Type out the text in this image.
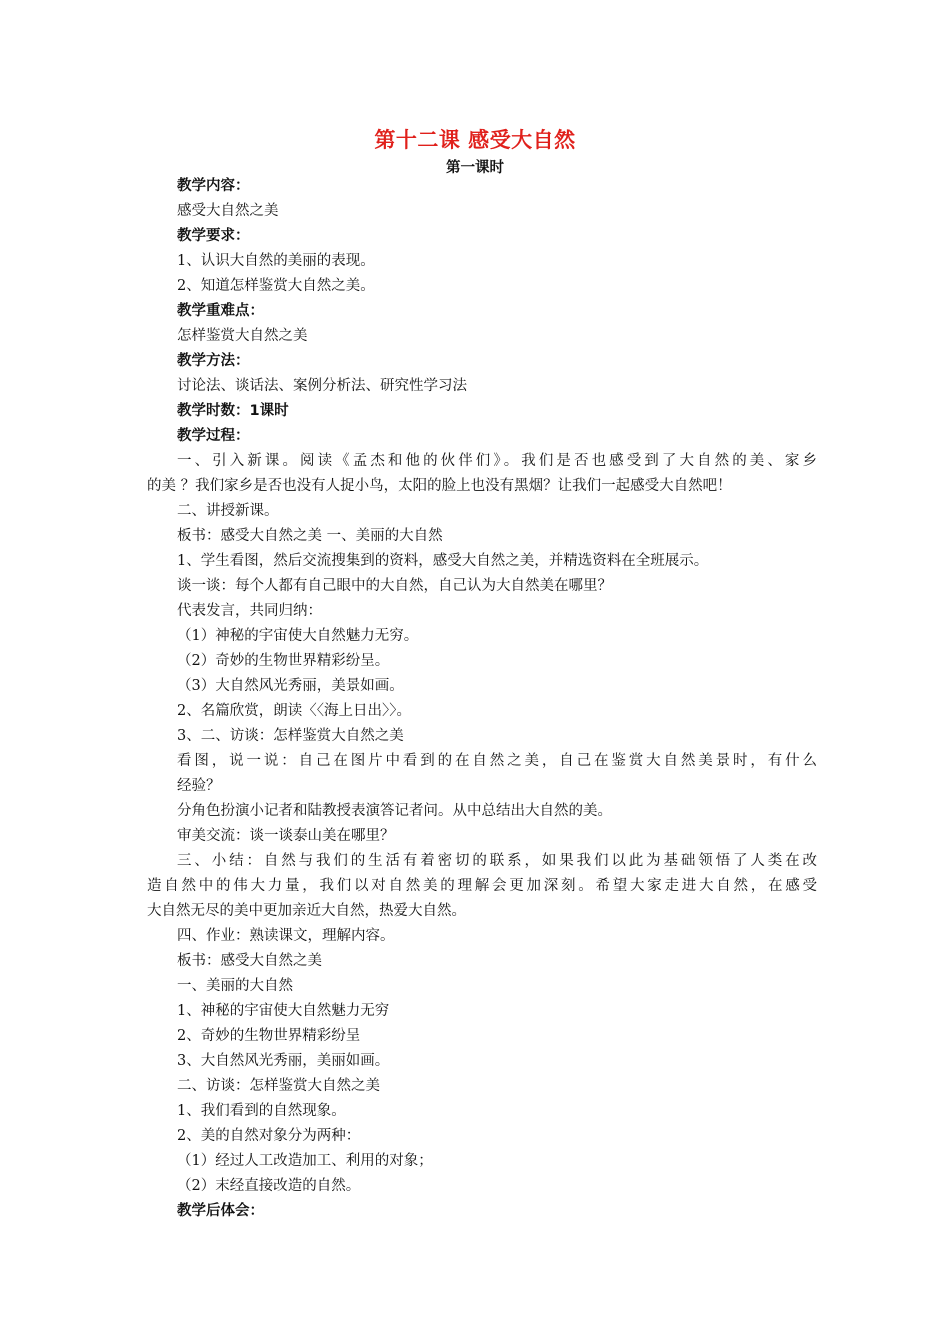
第十二课 感受大自然
第一课时
教学内容：
感受大自然之美
教学要求：
1、认识大自然的美丽的表现。
2、知道怎样鉴赏大自然之美。
教学重难点：
怎样鉴赏大自然之美
教学方法：
讨论法、谈话法、案例分析法、研究性学习法
教学时数：1课时
教学过程：
一、引入新课。阅读《孟杰和他的伙伴们》。我们是否也感受到了大自然的美、家乡
的美 ？我们家乡是否也没有人捉小鸟，太阳的脸上也没有黑烟？让我们一起感受大自然吧！
二、讲授新课。
板书：感受大自然之美 一、美丽的大自然
1、学生看图，然后交流搜集到的资料，感受大自然之美，并精选资料在全班展示。
谈一谈：每个人都有自己眼中的大自然，自己认为大自然美在哪里？
代表发言，共同归纳：
（1）神秘的宇宙使大自然魅力无穷。
（2）奇妙的生物世界精彩纷呈。
（3）大自然风光秀丽，美景如画。
2、名篇欣赏，朗读〈〈海上日出〉〉。
3、二、访谈：怎样鉴赏大自然之美
看图，说一说：自己在图片中看到的在自然之美，自己在鉴赏大自然美景时，有什么
经验？
分角色扮演小记者和陆教授表演答记者问。从中总结出大自然的美。
审美交流：谈一谈泰山美在哪里？
三、小结：自然与我们的生活有着密切的联系，如果我们以此为基础领悟了人类在改
造自然中的伟大力量，我们以对自然美的理解会更加深刻。希望大家走进大自然，在感受
大自然无尽的美中更加亲近大自然，热爱大自然。
四、作业：熟读课文，理解内容。
板书：感受大自然之美
一、美丽的大自然
1、神秘的宇宙使大自然魅力无穷
2、奇妙的生物世界精彩纷呈
3、大自然风光秀丽，美丽如画。
二、访谈：怎样鉴赏大自然之美
1、我们看到的自然现象。
2、美的自然对象分为两种：
（1）经过人工改造加工、利用的对象；
（2）末经直接改造的自然。
教学后体会：
